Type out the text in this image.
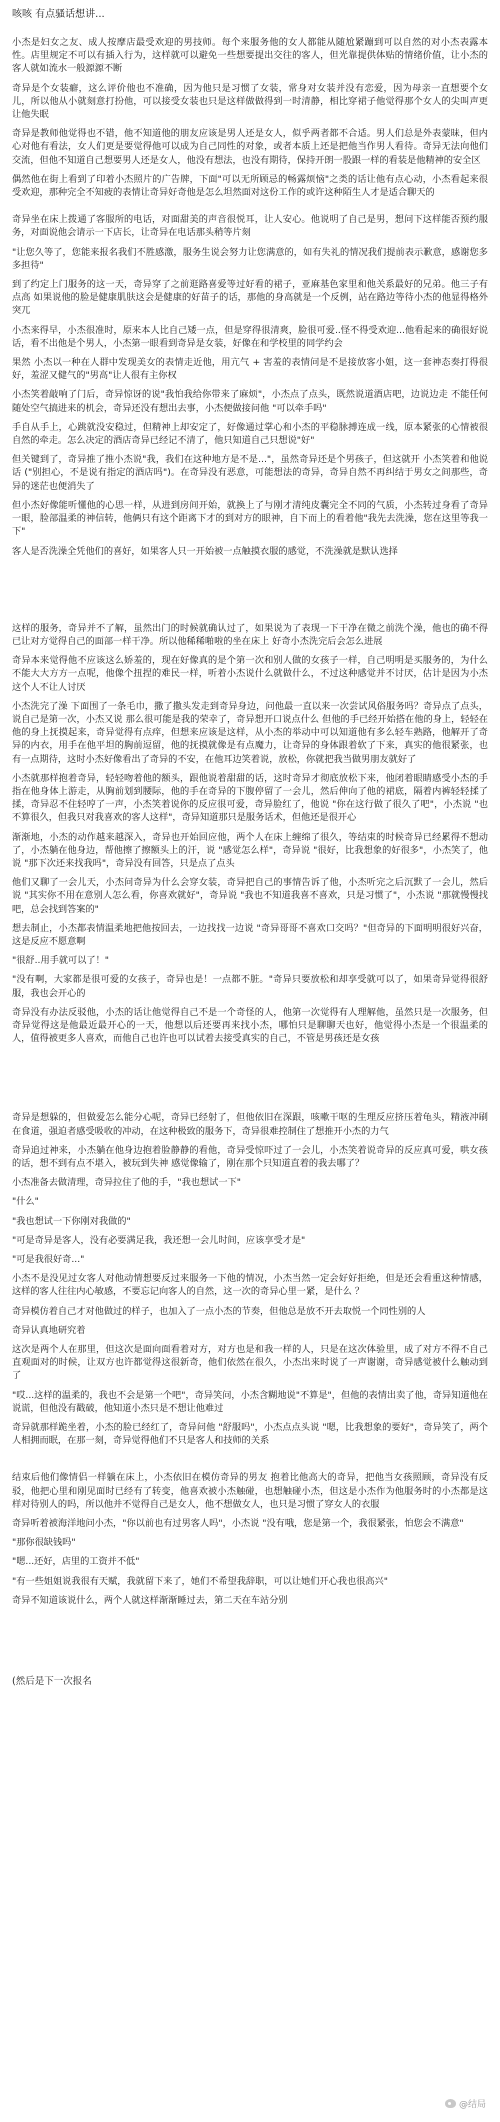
咳咳 有点骚话想讲...

小杰是妇女之友、成人按摩店最受欢迎的男技师。每个来服务他的女人都能从随尬紧蹦到可以自然的对小杰表露本性。店里规定不可以有插入行为，这样就可以避免一些想要提出交往的客人，但光靠提供体贴的情绪价值，让小杰的客人就如流水一般源源不断

奇异是个女装癖，这么评价他也不准确，因为他只是习惯了女装，常身对女装并没有恋爱，因为母亲一直想要个女儿，所以他从小就刻意打扮他，可以接受女装也只是这样做做得到一时清静，相比穿裙子他觉得那个女人的尖叫声更让他失眠

奇异是教师他觉得也不错，他不知道他的朋友应该是男人还是女人，似乎两者都不合适。男人们总是外表蒙昧，但内心对他有看法，女人们更是要觉得他可以成为自己同性的对象，或者本质上还是把他当作男人看待。奇异无法向他们交流，但他不知道自己想要男人还是女人，他没有想法，也没有期待，保持开朗一股跟一样的看装是他精神的安全区

偶然他在街上看到了印着小杰照片的广告牌，下面"可以无所顾忌的畅露烦恼"之类的话让他有点心动，小杰看起来很受欢迎，那种完全不知疲的表情让奇异好奇他是怎么坦然面对这份工作的或许这种陌生人才是适合聊天的

奇异坐在床上拨通了客服所的电话，对面甜美的声音很悦耳，让人安心。他说明了自己是男，想问下这样能否预约服务，对面说他会请示一下店长，让奇异在电话那头稍等片刻

"让您久等了，您能来报名我们不胜感激，服务生说会努力让您满意的，如有失礼的情况我们提前表示歉意，感谢您多多担待"

到了约定上门服务的这一天，奇异穿了之前逛路喜爱等过好看的裙子，亚麻基色家里和他关系最好的兄弟。他三子有点高 如果说他的脸是健康肌肤这会是健康的好苗子的话，那他的身高就是一个反例，站在路边等待小杰的他显得格外突兀

小杰来得早，小杰很准时，原来本人比自己矮一点，但是穿得很清爽，脸很可爱..怪不得受欢迎...他看起来的确很好说话，看不出他是个男人，小杰第一眼看到奇异是女装，好像在和学校里的同学约会

果然 小杰以一种在人群中发现美女的表情走近他，用亢气 + 害羞的表情问是不是接放客小姐，这一套神态奏打得很好，羞涩又健气的"男高"让人很有主你权

小杰笑着敲响了门后，奇异惊讶的说"我怕我给你带来了麻烦"，小杰点了点头，既然说道酒店吧，边说边走 不能任何随处空气搞进来的机会，奇异还没有想出去事，小杰便做接问他 "可以牵手吗"

手自从手上，心跳就没安稳过，但精神上却安定了，好像通过掌心和小杰的平稳脉搏连成一线，原本紧张的心情被很自然的牵走。怎么决定的酒店奇异已经记不清了，他只知道自己只想说"好"

但关键到了，奇异推了推小杰说"我，我们在这种地方是不是..."，虽然奇异还是个男孩子，但这就开 小杰笑着和他说话 ("别担心，不是说有指定的酒店吗")。在奇异没有恶意，可能想法的奇异，奇异自然不再纠结于男女之间那些，奇异的迷茫也便消失了

但小杰好像能听懂他的心思一样，从进到房间开始，就换上了与刚才清纯皮囊完全不同的气质，小杰转过身看了奇异一眼，脸部温柔的神信转，他俩只有这个距离下才的到对方的眼神，自下而上的看着他"我先去洗澡，您在这里等我一下"

客人是否洗澡全凭他们的喜好，如果客人只一开始被一点触摸衣服的感觉，不洗澡就是默认选择

这样的服务，奇异并不了解，虽然出门的时候就确认过了，如果说为了表现一下干净在微之前洗个澡，他也的确不得已让对方觉得自己的面部一样干净。所以他稀稀啪啦的坐在床上 好奇小杰洗完后会怎么进展

奇异本来觉得他不应该这么娇羞的，现在好像真的是个第一次和别人做的女孩子一样，自己明明是买服务的，为什么不能大大方方一点呢，他像个扭捏的难民一样，听着小杰说什么就做什么，不过这种感觉并不讨厌，估计是因为小杰这个人不让人讨厌

小杰洗完了澡 下面围了一条毛巾，撒了撒头发走到奇异身边，问他最一直以来一次尝试风俗服务吗？奇异点了点头，说自己是第一次，小杰又说 那么很可能是我的荣幸了，奇异想开口说点什么 但他的手已经开始搭在他的身上，轻轻在他的身上抚摸起来，奇异觉得有点痒，但想来应该是这样，从小杰的举动中可以知道他有多么轻车熟路，他解开了奇异的内衣，用手在他平坦的胸前逗留，他的抚摸就像是有点魔力，让奇异的身体跟着软了下来，真实的他很紧张，也有一点期待，这时小杰好像看出了奇异的不安，在他耳边笑着说，放松，你就把我当做男朋友就好了

小杰就那样抱着奇异，轻轻吻着他的额头，跟他说着甜甜的话，这时奇异才彻底放松下来，他闭着眼睛感受小杰的手指在他身体上游走，从胸前划到腰际，他的手在奇异的下腹停留了一会儿，然后伸向了他的裙底，隔着内裤轻轻揉了揉，奇异忍不住轻哼了一声，小杰笑着说你的反应很可爱，奇异脸红了，他说 "你在这行做了很久了吧"，小杰说 "也不算很久，但我只对我喜欢的客人这样"，奇异知道那只是服务话术，但他还是很开心

渐渐地，小杰的动作越来越深入，奇异也开始回应他，两个人在床上缠绵了很久，等结束的时候奇异已经累得不想动了，小杰躺在他身边，帮他擦了擦额头上的汗，说 "感觉怎么样"，奇异说 "很好，比我想象的好很多"，小杰笑了，他说 "那下次还来找我吗"，奇异没有回答，只是点了点头

他们又聊了一会儿天，小杰问奇异为什么会穿女装，奇异把自己的事情告诉了他，小杰听完之后沉默了一会儿，然后说 "其实你不用在意别人怎么看，你喜欢就好"，奇异说 "我也不知道我喜不喜欢，只是习惯了"，小杰说 "那就慢慢找吧，总会找到答案的"

想去制止，小杰都表情温柔地把他按回去，一边找找一边说 "奇异哥哥不喜欢口交吗？"但奇异的下面明明很好兴奋，这是反应不愿意啊

"很舒..用手就可以了！"

"没有啊，大家都是很可爱的女孩子，奇异也是！一点都不脏。"奇异只要放松和却享受就可以了，如果奇异觉得很舒服，我也会开心的

奇异没有办法反驳他，小杰的话让他觉得自己不是一个奇怪的人，他第一次觉得有人理解他，虽然只是一次服务，但奇异觉得这是他最近最开心的一天，他想以后还要再来找小杰，哪怕只是聊聊天也好，他觉得小杰是一个很温柔的人，值得被更多人喜欢，而他自己也许也可以试着去接受真实的自己，不管是男孩还是女孩

奇异是想躲的，但做爱怎么能分心呢，奇异已经射了，但他依旧在深跟，咳嗽干呕的生理反应挤压着龟头，精液冲刷在食道，强迫者感受吸收的冲动，在这种极致的服务下，奇异很难控制住了想推开小杰的力气

奇异追过神来，小杰躺在他身边抱着脸静静的看他，奇异受惊吓过了一会儿，小杰笑着说奇异的反应真可爱，哄女孩的话，想不到有点不堪入，被玩到失神 感觉像输了，刚在那个只知道直着的我去哪了？

小杰准备去做清理，奇异拉住了他的手，"我也想试一下"

"什么"

"我也想试一下你刚对我做的"

"可是奇异是客人，没有必要满足我，我还想一会儿时间，应该享受才是"

"可是我很好奇..."

小杰不是没见过女客人对他动情想要反过来服务一下他的情况，小杰当然一定会好好拒绝，但是还会看重这种情感，这样的客人往往内心敏感，不要忘记向客人的自然，这一次的奇异心里一紧，是什么 ？

奇异模仿着自己才对他做过的样子，也加入了一点小杰的节奏，但他总是放不开去取悦一个同性别的人

奇异认真地研究着

这次是两个人在那里，但这次是面向面看着对方，对方也是和我一样的人，只是在这次体验里，成了对方不得不自己直观面对的时候，让双方也许都觉得这很新奇，他们依然在很久，小杰出来时说了一声谢谢，奇异感觉被什么触动到了

"哎...这样的温柔的，我也不会是第一个吧"，奇异笑问，小杰含糊地说"不算是"，但他的表情出卖了他，奇异知道他在说谎，但他没有戳破，他知道小杰只是不想让他难过

奇异就那样跪坐着，小杰的脸已经红了，奇异问他 "舒服吗"，小杰点点头说 "嗯，比我想象的要好"，奇异笑了，两个人相拥而眠，在那一刻，奇异觉得他们不只是客人和技师的关系

结束后他们像情侣一样躺在床上，小杰依旧在模仿奇异的男友 抱着比他高大的奇异，把他当女孩照顾，奇异没有反驳，他把心里和刚见面时已经有了转变，他喜欢被小杰触碰，也想触碰小杰，但这是小杰作为他服务时的小杰都是这样对待别人的吗，所以他并不觉得自己是女人，他不想做女人，也只是习惯了穿女人的衣服

奇异听着被海洋地问小杰，"你以前也有过男客人吗"，小杰说 "没有哦，您是第一个，我很紧张，怕您会不满意"

"那你很缺钱吗"

"嗯...还好，店里的工资并不低"

"有一些姐姐说我很有天赋，我就留下来了，她们不希望我辞职，可以让她们开心我也很高兴"

奇异不知道该说什么，两个人就这样渐渐睡过去，第二天在车站分别

(然后是下一次报名
@结局
